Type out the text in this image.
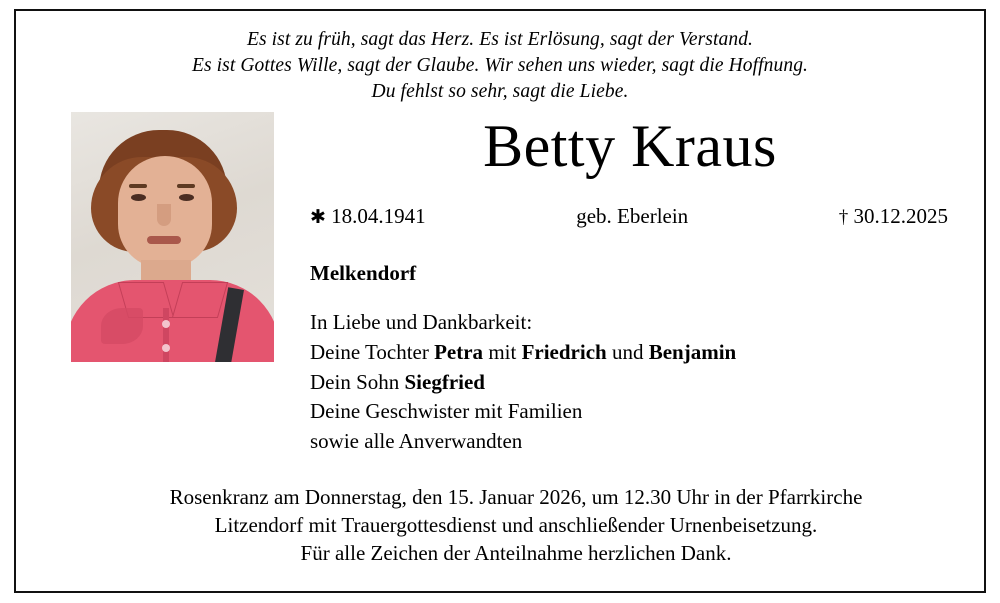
Es ist zu früh, sagt das Herz. Es ist Erlösung, sagt der Verstand.
Es ist Gottes Wille, sagt der Glaube. Wir sehen uns wieder, sagt die Hoffnung.
Du fehlst so sehr, sagt die Liebe.
Betty Kraus
✱ 18.04.1941	geb. Eberlein	† 30.12.2025
Melkendorf
In Liebe und Dankbarkeit:
Deine Tochter Petra mit Friedrich und Benjamin
Dein Sohn Siegfried
Deine Geschwister mit Familien
sowie alle Anverwandten
Rosenkranz am Donnerstag, den 15. Januar 2026, um 12.30 Uhr in der Pfarrkirche
Litzendorf mit Trauergottesdienst und anschließender Urnenbeisetzung.
Für alle Zeichen der Anteilnahme herzlichen Dank.
